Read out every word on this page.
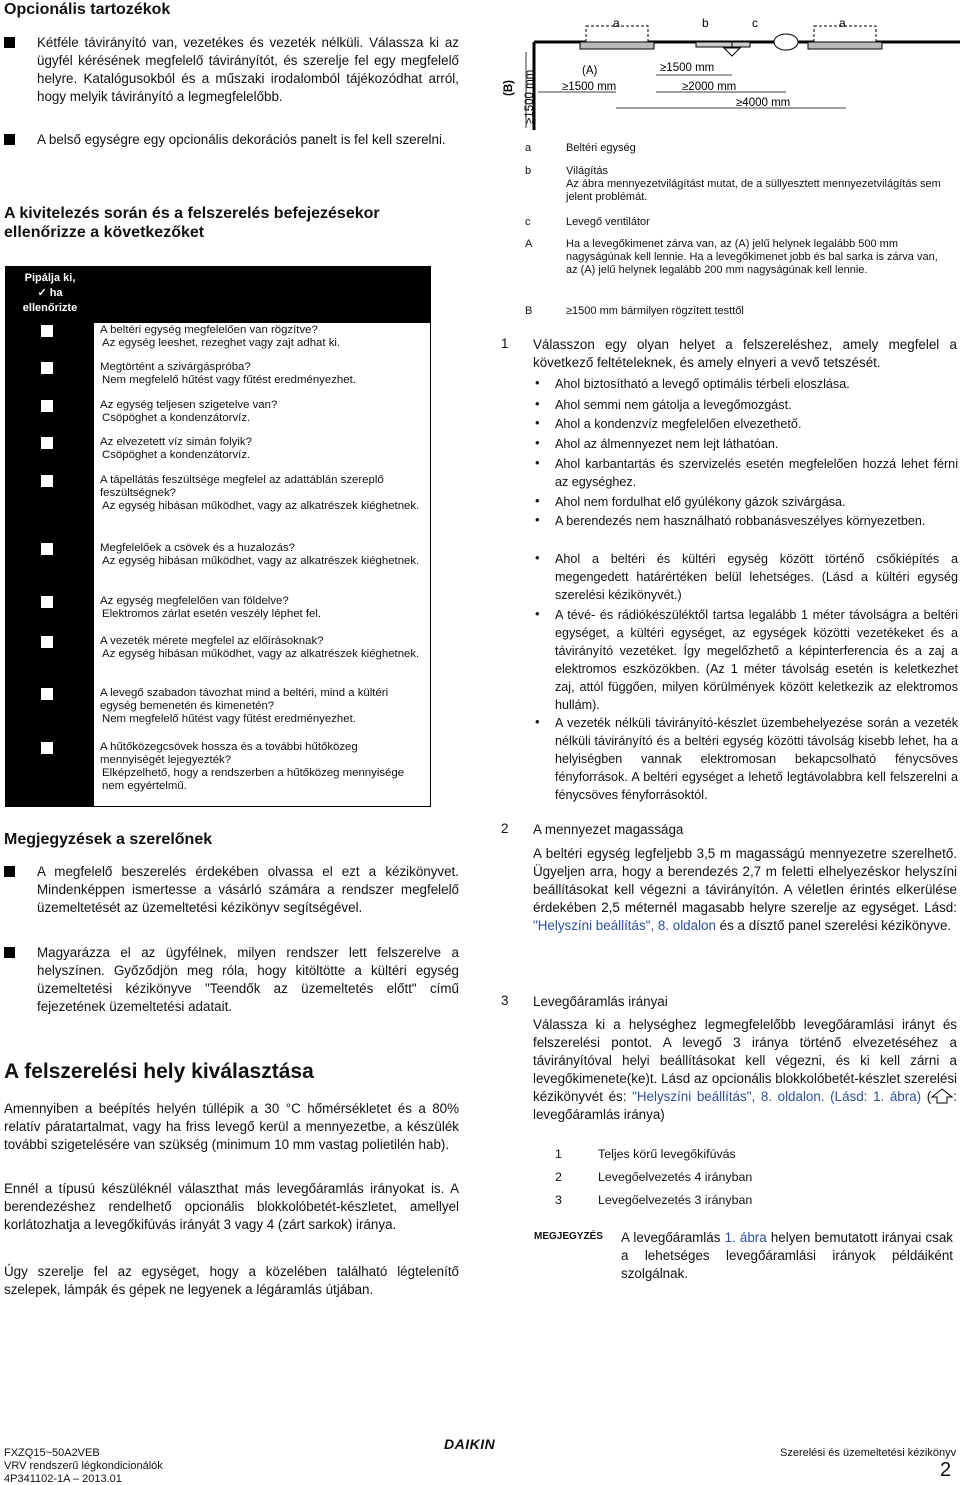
Opcionális tartozékok
Kétféle távirányító van, vezetékes és vezeték nélküli. Válassza ki az ügyfél kérésének megfelelő távirányítót, és szerelje fel egy megfelelő helyre. Katalógusokból és a műszaki irodalomból tájékozódhat arról, hogy melyik távirányító a legmegfelelőbb.
A belső egységre egy opcionális dekorációs panelt is fel kell szerelni.
A kivitelezés során és a felszerelés befejezésekor
ellenőrizze a következőket
Pipálja ki,
✓ ha
ellenőrizte
A beltéri egység megfelelően van rögzítve?
Az egység leeshet, rezeghet vagy zajt adhat ki.
Megtörtént a szivárgáspróba?
Nem megfelelő hűtést vagy fűtést eredményezhet.
Az egység teljesen szigetelve van?
Csöpöghet a kondenzátorvíz.
Az elvezetett víz simán folyik?
Csöpöghet a kondenzátorvíz.
A tápellátás feszültsége megfelel az adattáblán szereplő feszültségnek?
Az egység hibásan működhet, vagy az alkatrészek kiéghetnek.
Megfelelőek a csövek és a huzalozás?
Az egység hibásan működhet, vagy az alkatrészek kiéghetnek.
Az egység megfelelően van földelve?
Elektromos zárlat esetén veszély léphet fel.
A vezeték mérete megfelel az előírásoknak?
Az egység hibásan működhet, vagy az alkatrészek kiéghetnek.
A levegő szabadon távozhat mind a beltéri, mind a kültéri egység bemenetén és kimenetén?
Nem megfelelő hűtést vagy fűtést eredményezhet.
A hűtőközegcsövek hossza és a további hűtőközeg mennyiségét lejegyezték?
Elképzelhető, hogy a rendszerben a hűtőközeg mennyisége nem egyértelmű.
Megjegyzések a szerelőnek
A megfelelő beszerelés érdekében olvassa el ezt a kézikönyvet. Mindenképpen ismertesse a vásárló számára a rendszer megfelelő üzemeltetését az üzemeltetési kézikönyv segítségével.
Magyarázza el az ügyfélnek, milyen rendszer lett felszerelve a helyszínen. Győződjön meg róla, hogy kitöltötte a kültéri egység üzemeltetési kézikönyve "Teendők az üzemeltetés előtt" című fejezetének üzemeltetési adatait.
A felszerelési hely kiválasztása
Amennyiben a beépítés helyén túllépik a 30 °C hőmérsékletet és a 80% relatív páratartalmat, vagy ha friss levegő kerül a mennyezetbe, a készülék további szigetelésére van szükség (minimum 10 mm vastag polietilén hab).
Ennél a típusú készüléknél választhat más levegőáramlás irányokat is. A berendezéshez rendelhető opcionális blokkolóbetét-készletet, amellyel korlátozhatja a levegőkifúvás irányát 3 vagy 4 (zárt sarkok) iránya.
Úgy szerelje fel az egységet, hogy a közelében található légtelenítő szelepek, lámpák és gépek ne legyenek a légáramlás útjában.
a	b	c	a
(A)
≥1500 mm
≥1500 mm
≥2000 mm
≥4000 mm
(B) ≥1500 mm
a	Beltéri egység
b	Világítás
Az ábra mennyezetvilágítást mutat, de a süllyesztett mennyezetvilágítás sem jelent problémát.
c	Levegő ventilátor
A	Ha a levegőkimenet zárva van, az (A) jelű helynek legalább 500 mm nagyságúnak kell lennie. Ha a levegőkimenet jobb és bal sarka is zárva van, az (A) jelű helynek legalább 200 mm nagyságúnak kell lennie.
B	≥1500 mm bármilyen rögzített testtől
1 Válasszon egy olyan helyet a felszereléshez, amely megfelel a következő feltételeknek, és amely elnyeri a vevő tetszését.
• Ahol biztosítható a levegő optimális térbeli eloszlása.
• Ahol semmi nem gátolja a levegőmozgást.
• Ahol a kondenzvíz megfelelően elvezethető.
• Ahol az álmennyezet nem lejt láthatóan.
• Ahol karbantartás és szervizelés esetén megfelelően hozzá lehet férni az egységhez.
• Ahol nem fordulhat elő gyúlékony gázok szivárgása.
• A berendezés nem használható robbanásveszélyes környezetben.
• Ahol a beltéri és kültéri egység között történő csőkiépítés a megengedett határértéken belül lehetséges. (Lásd a kültéri egység szerelési kézikönyvét.)
• A tévé- és rádiókészüléktől tartsa legalább 1 méter távolságra a beltéri egységet, a kültéri egységet, az egységek közötti vezetékeket és a távirányító vezetéket. Így megelőzhető a képinterferencia és a zaj a elektromos eszközökben. (Az 1 méter távolság esetén is keletkezhet zaj, attól függően, milyen körülmények között keletkezik az elektromos hullám).
• A vezeték nélküli távirányító-készlet üzembehelyezése során a vezeték nélküli távirányító és a beltéri egység közötti távolság kisebb lehet, ha a helyiségben vannak elektromosan bekapcsolható fénycsöves fényforrások. A beltéri egységet a lehető legtávolabbra kell felszerelni a fénycsöves fényforrásoktól.
2 A mennyezet magassága
A beltéri egység legfeljebb 3,5 m magasságú mennyezetre szerelhető. Ügyeljen arra, hogy a berendezés 2,7 m feletti elhelyezéskor helyszíni beállításokat kell végezni a távirányítón. A véletlen érintés elkerülése érdekében 2,5 méternél magasabb helyre szerelje az egységet. Lásd: "Helyszíni beállítás", 8. oldalon és a dísztő panel szerelési kézikönyve.
3 Levegőáramlás irányai
Válassza ki a helységhez legmegfelelőbb levegőáramlási irányt és felszerelési pontot. A levegő 3 iránya történő elvezetéséhez a távirányítóval helyi beállításokat kell végezni, és ki kell zárni a levegőkimenete(ke)t. Lásd az opcionális blokkolóbetét-készlet szerelési kézikönyvét és: "Helyszíni beállítás", 8. oldalon. (Lásd: 1. ábra) ( : levegőáramlás iránya)
1	Teljes körű levegőkifúvás
2	Levegőelvezetés 4 irányban
3	Levegőelvezetés 3 irányban
MEGJEGYZÉS A levegőáramlás 1. ábra helyen bemutatott irányai csak a lehetséges levegőáramlási irányok példáiként szolgálnak.
FXZQ15~50A2VEB
VRV rendszerű légkondicionálók
4P341102-1A – 2013.01
DAIKIN
Szerelési és üzemeltetési kézikönyv
2
